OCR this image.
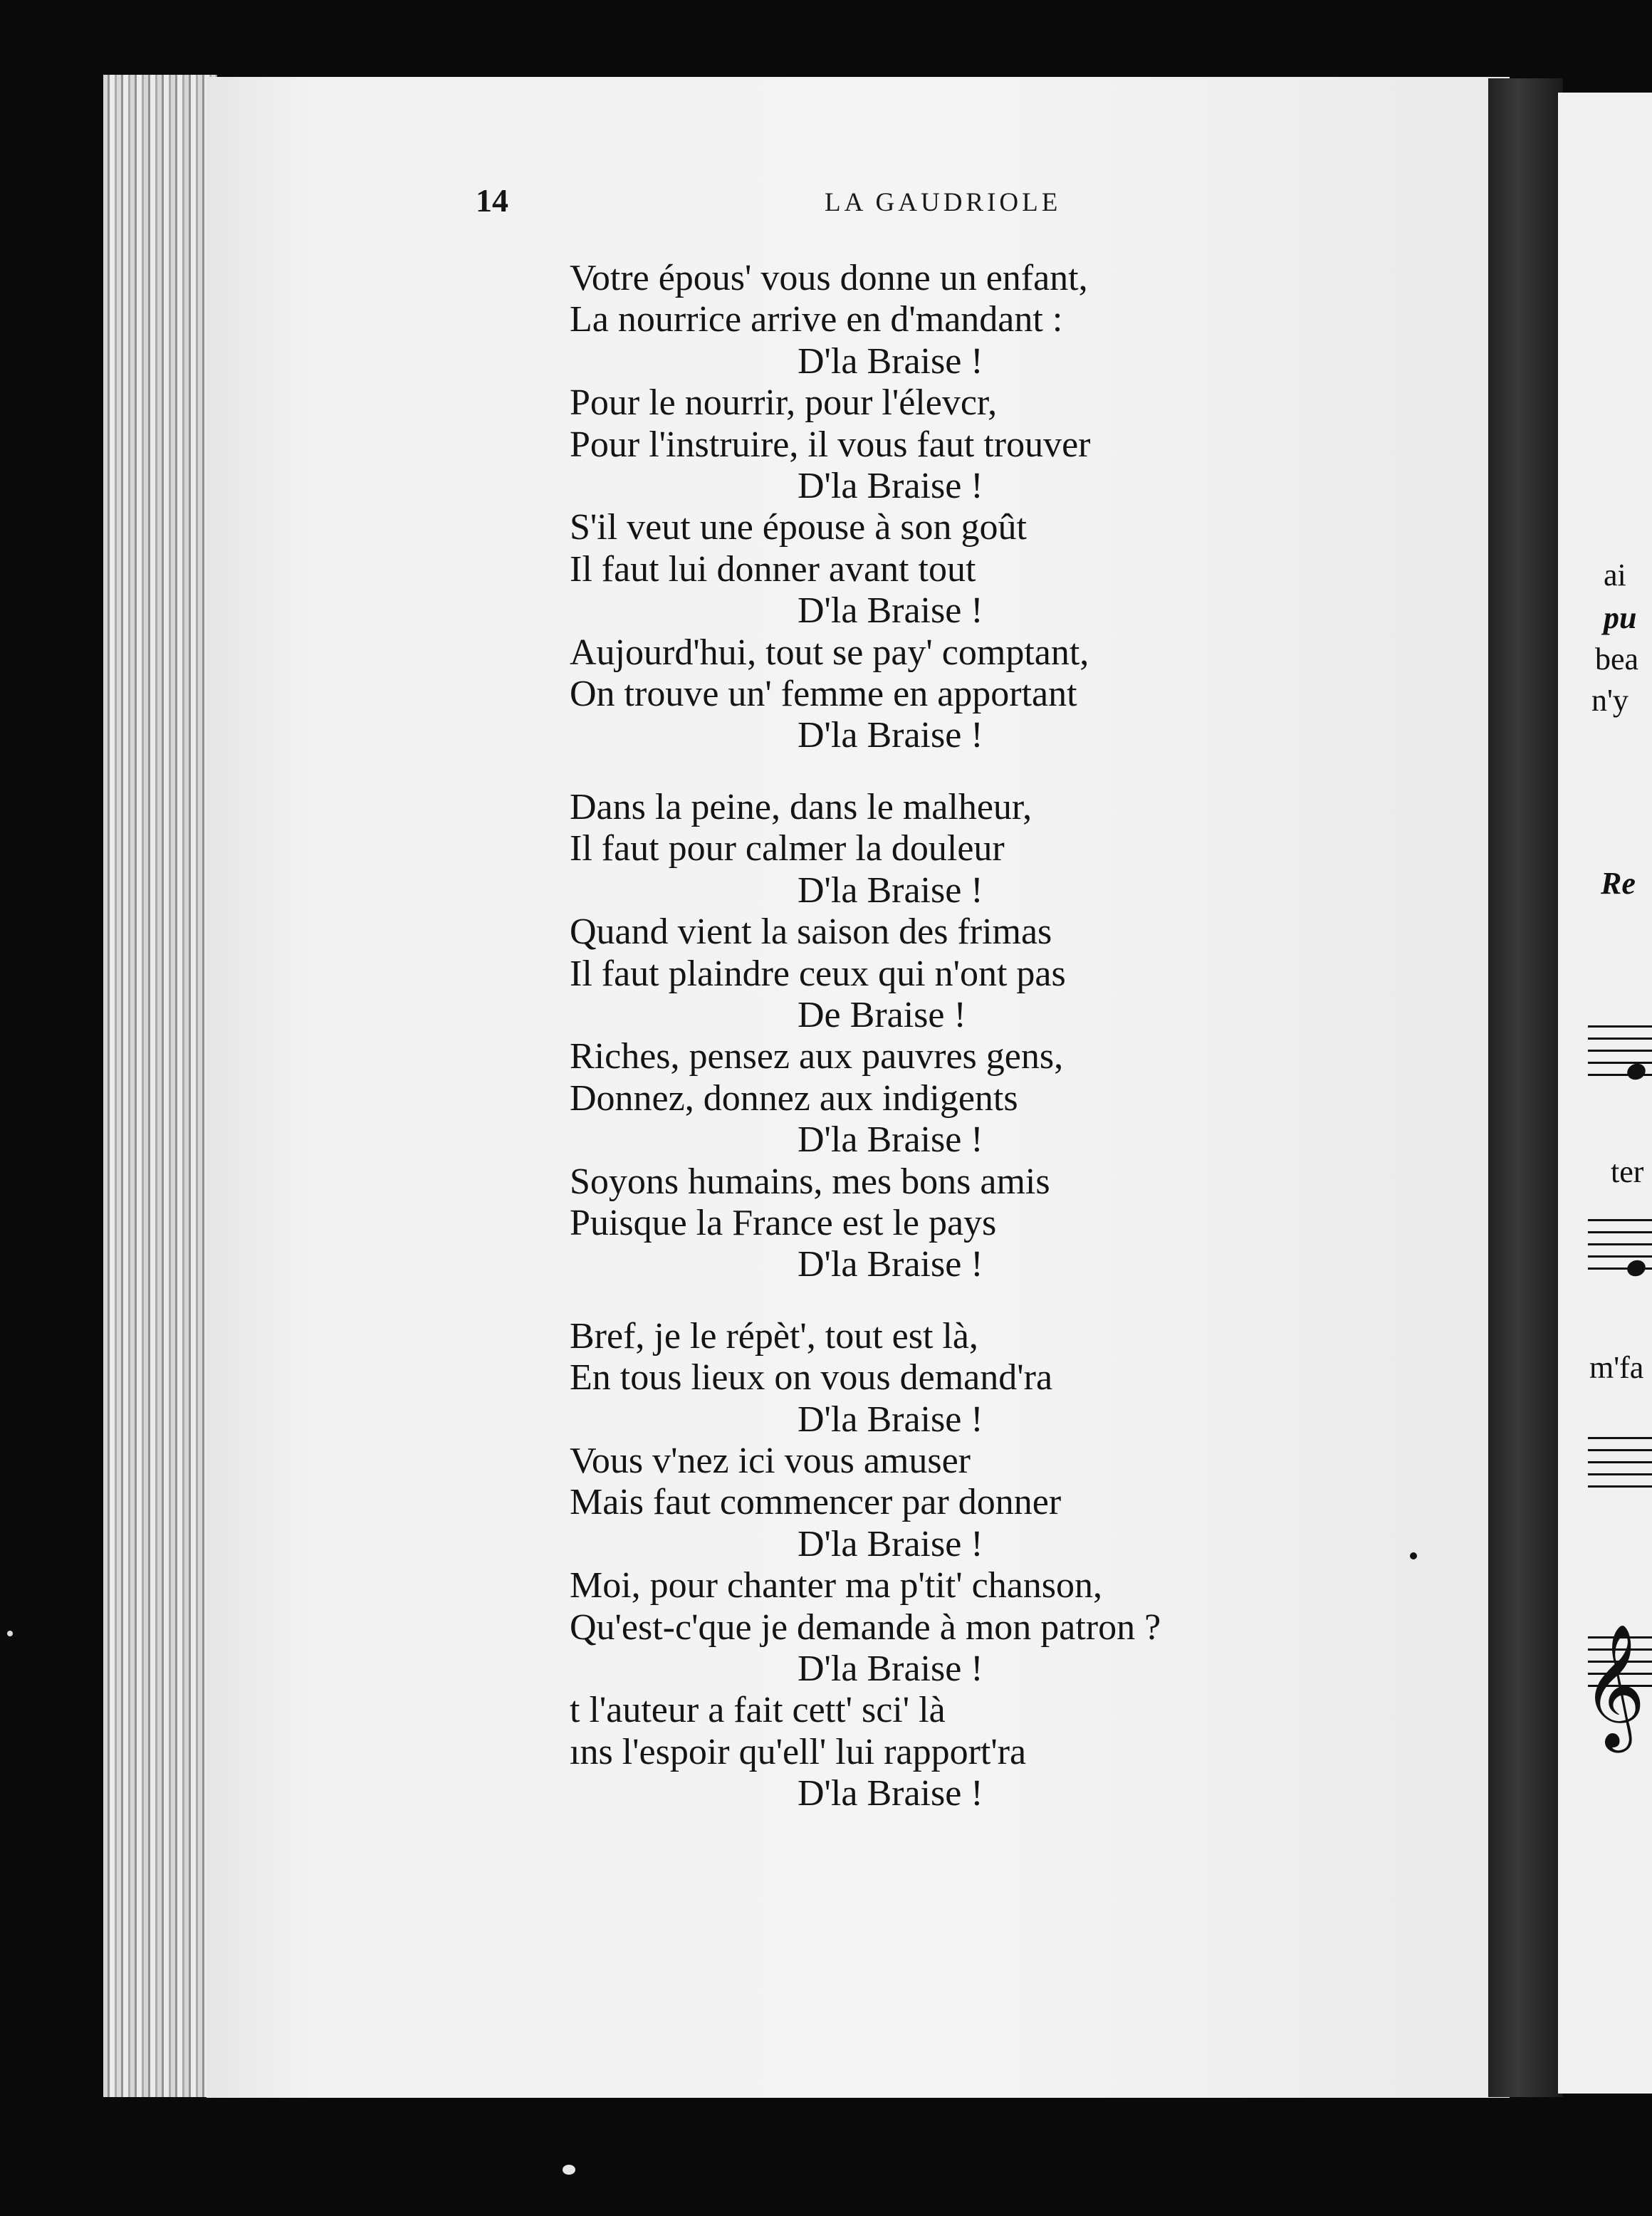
14	LA GAUDRIOLE
Votre épous' vous donne un enfant,
La nourrice arrive en d'mandant :
D'la Braise !
Pour le nourrir, pour l'élevcr,
Pour l'instruire, il vous faut trouver
D'la Braise !
S'il veut une épouse à son goût
Il faut lui donner avant tout
D'la Braise !
Aujourd'hui, tout se pay' comptant,
On trouve un' femme en apportant
D'la Braise !
Dans la peine, dans le malheur,
Il faut pour calmer la douleur
D'la Braise !
Quand vient la saison des frimas
Il faut plaindre ceux qui n'ont pas
De Braise !
Riches, pensez aux pauvres gens,
Donnez, donnez aux indigents
D'la Braise !
Soyons humains, mes bons amis
Puisque la France est le pays
D'la Braise !
Bref, je le répèt', tout est là,
En tous lieux on vous demand'ra
D'la Braise !
Vous v'nez ici vous amuser
Mais faut commencer par donner
D'la Braise !
Moi, pour chanter ma p'tit' chanson,
Qu'est-c'que je demande à mon patron ?
D'la Braise !
t l'auteur a fait cett' sci' là
ıns l'espoir qu'ell' lui rapport'ra
D'la Braise !
ai
pu
bea
n'y
Re
ter
m'fa
𝄞
